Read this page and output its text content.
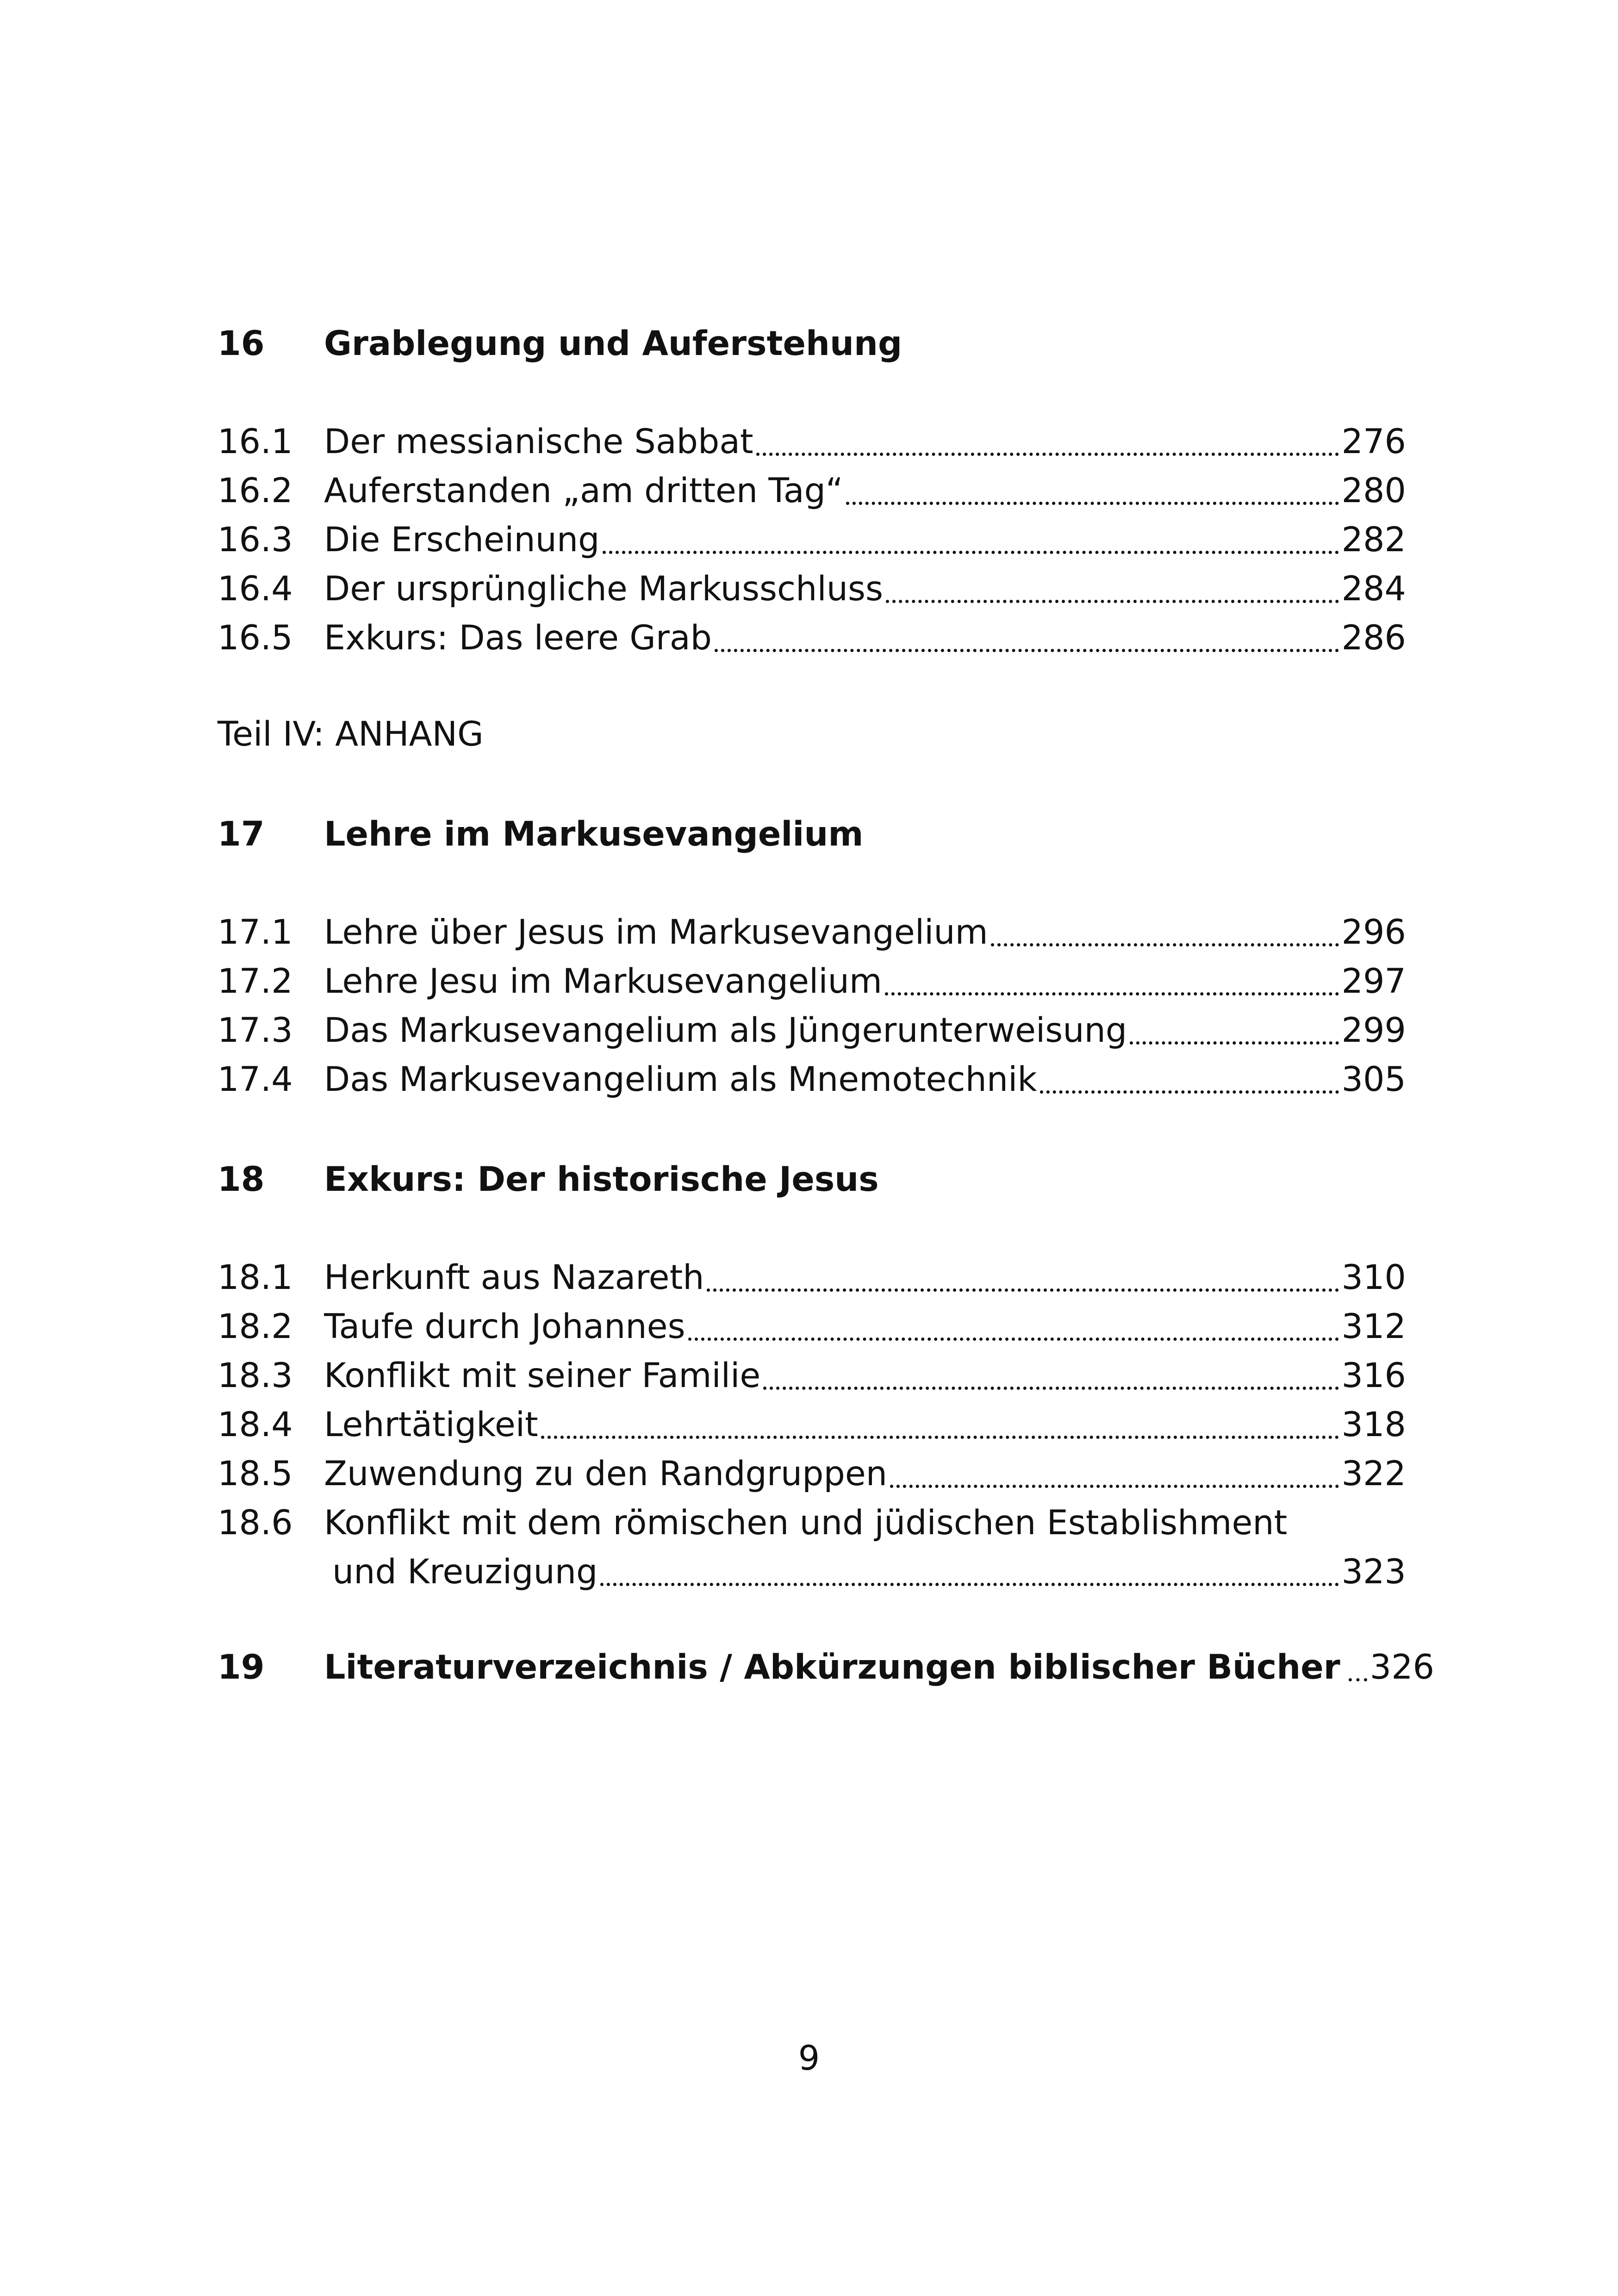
16	Grablegung und Auferstehung
16.1 Der messianische Sabbat	276
16.2 Auferstanden „am dritten Tag“	280
16.3 Die Erscheinung	282
16.4 Der ursprüngliche Markusschluss	284
16.5 Exkurs: Das leere Grab	286
Teil IV: ANHANG
17	Lehre im Markusevangelium
17.1 Lehre über Jesus im Markusevangelium	296
17.2 Lehre Jesu im Markusevangelium	297
17.3 Das Markusevangelium als Jüngerunterweisung	299
17.4 Das Markusevangelium als Mnemotechnik	305
18	Exkurs: Der historische Jesus
18.1 Herkunft aus Nazareth	310
18.2 Taufe durch Johannes	312
18.3 Konflikt mit seiner Familie	316
18.4 Lehrtätigkeit	318
18.5 Zuwendung zu den Randgruppen	322
18.6 Konflikt mit dem römischen und jüdischen Establishment
und Kreuzigung	323
19	Literaturverzeichnis / Abkürzungen biblischer Bücher 326
9
